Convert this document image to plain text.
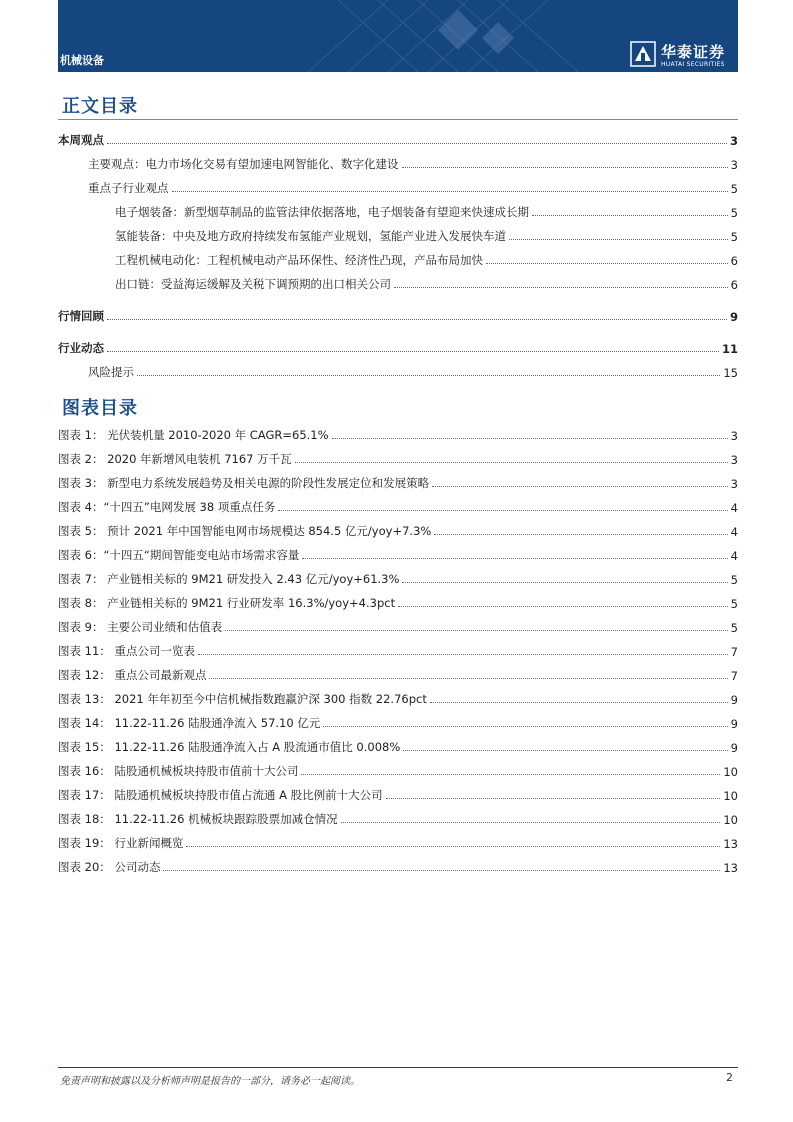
机械设备	华泰证券
HUATAI SECURITIES
正文目录
本周观点	3
主要观点：电力市场化交易有望加速电网智能化、数字化建设	3
重点子行业观点	5
电子烟装备：新型烟草制品的监管法律依据落地，电子烟装备有望迎来快速成长期	5
氢能装备：中央及地方政府持续发布氢能产业规划，氢能产业进入发展快车道	5
工程机械电动化：工程机械电动产品环保性、经济性凸现，产品布局加快	6
出口链：受益海运缓解及关税下调预期的出口相关公司	6
行情回顾	9
行业动态	11
风险提示	15
图表目录
图表 1： 光伏装机量 2010-2020 年 CAGR=65.1%	3
图表 2： 2020 年新增风电装机 7167 万千瓦	3
图表 3： 新型电力系统发展趋势及相关电源的阶段性发展定位和发展策略	3
图表 4：“十四五”电网发展 38 项重点任务	4
图表 5： 预计 2021 年中国智能电网市场规模达 854.5 亿元/yoy+7.3%	4
图表 6：“十四五“期间智能变电站市场需求容量	4
图表 7： 产业链相关标的 9M21 研发投入 2.43 亿元/yoy+61.3%	5
图表 8： 产业链相关标的 9M21 行业研发率 16.3%/yoy+4.3pct	5
图表 9： 主要公司业绩和估值表	5
图表 11： 重点公司一览表	7
图表 12： 重点公司最新观点	7
图表 13： 2021 年年初至今中信机械指数跑赢沪深 300 指数 22.76pct	9
图表 14： 11.22-11.26 陆股通净流入 57.10 亿元	9
图表 15： 11.22-11.26 陆股通净流入占 A 股流通市值比 0.008%	9
图表 16： 陆股通机械板块持股市值前十大公司	10
图表 17： 陆股通机械板块持股市值占流通 A 股比例前十大公司	10
图表 18： 11.22-11.26 机械板块跟踪股票加减仓情况	10
图表 19： 行业新闻概览	13
图表 20： 公司动态	13
免责声明和披露以及分析师声明是报告的一部分，请务必一起阅读。	2
